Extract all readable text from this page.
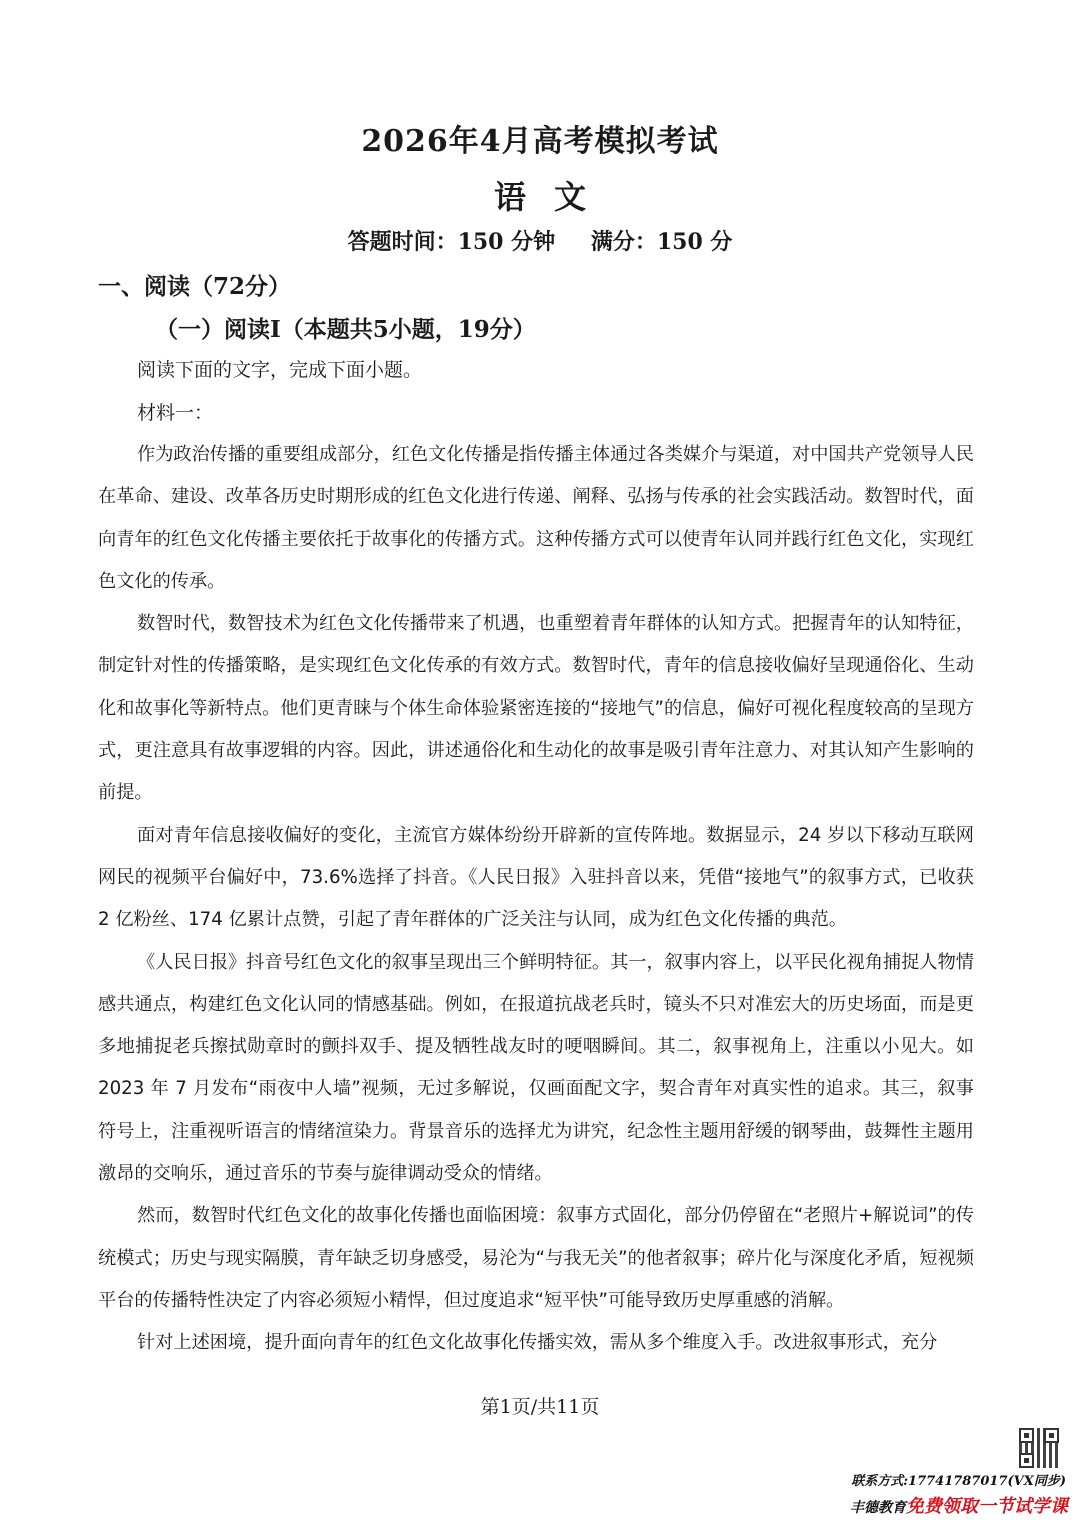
2026年4月高考模拟考试
语文
答题时间：150 分钟 满分：150 分
一、阅读（72分）
（一）阅读Ⅰ（本题共5小题，19分）
阅读下面的文字，完成下面小题。
材料一：

作为政治传播的重要组成部分，红色文化传播是指传播主体通过各类媒介与渠道，对中国共产党领导人民在革命、建设、改革各历史时期形成的红色文化进行传递、阐释、弘扬与传承的社会实践活动。数智时代，面向青年的红色文化传播主要依托于故事化的传播方式。这种传播方式可以使青年认同并践行红色文化，实现红色文化的传承。

数智时代，数智技术为红色文化传播带来了机遇，也重塑着青年群体的认知方式。把握青年的认知特征，制定针对性的传播策略，是实现红色文化传承的有效方式。数智时代，青年的信息接收偏好呈现通俗化、生动化和故事化等新特点。他们更青睐与个体生命体验紧密连接的“接地气”的信息，偏好可视化程度较高的呈现方式，更注意具有故事逻辑的内容。因此，讲述通俗化和生动化的故事是吸引青年注意力、对其认知产生影响的前提。

面对青年信息接收偏好的变化，主流官方媒体纷纷开辟新的宣传阵地。数据显示，24 岁以下移动互联网网民的视频平台偏好中，73.6%选择了抖音。《人民日报》入驻抖音以来，凭借“接地气”的叙事方式，已收获 2 亿粉丝、174 亿累计点赞，引起了青年群体的广泛关注与认同，成为红色文化传播的典范。

《人民日报》抖音号红色文化的叙事呈现出三个鲜明特征。其一，叙事内容上，以平民化视角捕捉人物情感共通点，构建红色文化认同的情感基础。例如，在报道抗战老兵时，镜头不只对准宏大的历史场面，而是更多地捕捉老兵擦拭勋章时的颤抖双手、提及牺牲战友时的哽咽瞬间。其二，叙事视角上，注重以小见大。如 2023 年 7 月发布“雨夜中人墙”视频，无过多解说，仅画面配文字，契合青年对真实性的追求。其三，叙事符号上，注重视听语言的情绪渲染力。背景音乐的选择尤为讲究，纪念性主题用舒缓的钢琴曲，鼓舞性主题用激昂的交响乐，通过音乐的节奏与旋律调动受众的情绪。

然而，数智时代红色文化的故事化传播也面临困境：叙事方式固化，部分仍停留在“老照片+解说词”的传统模式；历史与现实隔膜，青年缺乏切身感受，易沦为“与我无关”的他者叙事；碎片化与深度化矛盾，短视频平台的传播特性决定了内容必须短小精悍，但过度追求“短平快”可能导致历史厚重感的消解。

针对上述困境，提升面向青年的红色文化故事化传播实效，需从多个维度入手。改进叙事形式，充分

第1页/共11页
联系方式:17741787017(VX同步)
丰德教育免费领取一节试学课
